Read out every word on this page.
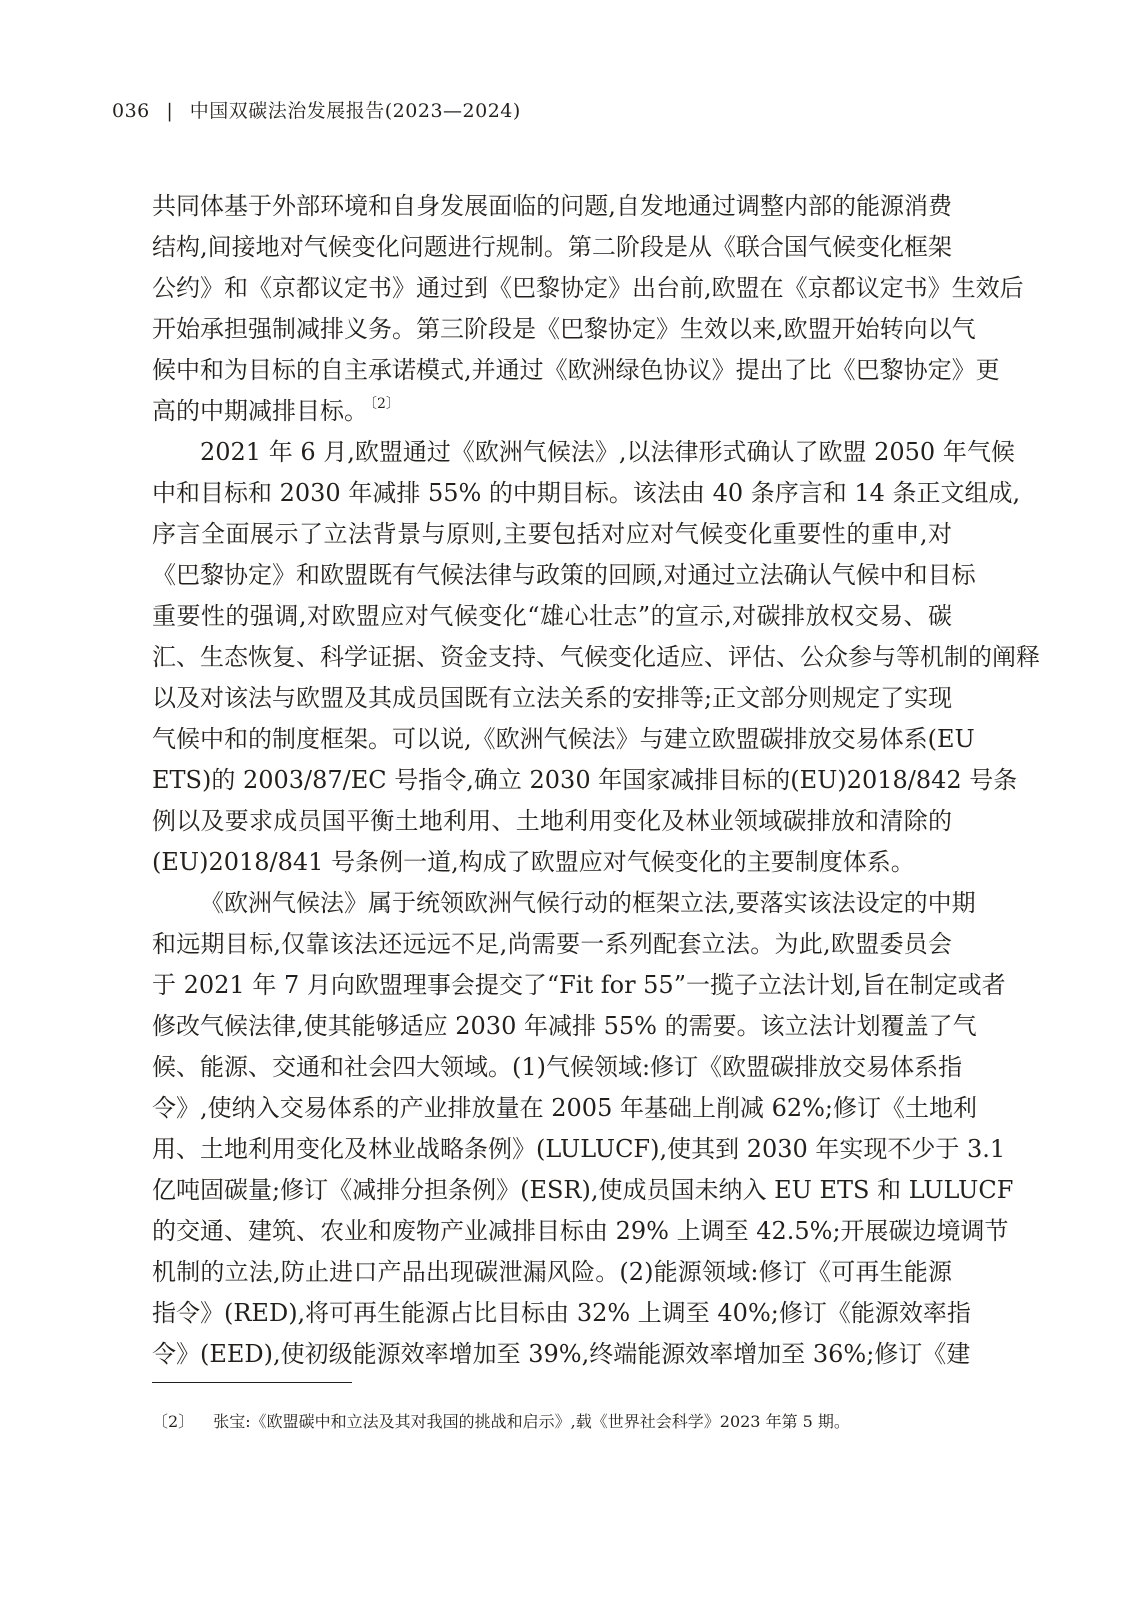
036 | 中国双碳法治发展报告(2023—2024)
共同体基于外部环境和自身发展面临的问题,自发地通过调整内部的能源消费
结构,间接地对气候变化问题进行规制。第二阶段是从《联合国气候变化框架
公约》和《京都议定书》通过到《巴黎协定》出台前,欧盟在《京都议定书》生效后
开始承担强制减排义务。第三阶段是《巴黎协定》生效以来,欧盟开始转向以气
候中和为目标的自主承诺模式,并通过《欧洲绿色协议》提出了比《巴黎协定》更
高的中期减排目标。 $^{〔2〕}$
2021 年 6 月,欧盟通过《欧洲气候法》,以法律形式确认了欧盟 2050 年气候
中和目标和 2030 年减排 55% 的中期目标。该法由 40 条序言和 14 条正文组成,
序言全面展示了立法背景与原则,主要包括对应对气候变化重要性的重申,对
《巴黎协定》和欧盟既有气候法律与政策的回顾,对通过立法确认气候中和目标
重要性的强调,对欧盟应对气候变化“雄心壮志”的宣示,对碳排放权交易、碳
汇、生态恢复、科学证据、资金支持、气候变化适应、评估、公众参与等机制的阐释
以及对该法与欧盟及其成员国既有立法关系的安排等;正文部分则规定了实现
气候中和的制度框架。可以说,《欧洲气候法》与建立欧盟碳排放交易体系(EU
ETS)的 2003/87/EC 号指令,确立 2030 年国家减排目标的(EU)2018/842 号条
例以及要求成员国平衡土地利用、土地利用变化及林业领域碳排放和清除的
(EU)2018/841 号条例一道,构成了欧盟应对气候变化的主要制度体系。
《欧洲气候法》属于统领欧洲气候行动的框架立法,要落实该法设定的中期
和远期目标,仅靠该法还远远不足,尚需要一系列配套立法。为此,欧盟委员会
于 2021 年 7 月向欧盟理事会提交了“Fit for 55”一揽子立法计划,旨在制定或者
修改气候法律,使其能够适应 2030 年减排 55% 的需要。该立法计划覆盖了气
候、能源、交通和社会四大领域。(1)气候领域:修订《欧盟碳排放交易体系指
令》,使纳入交易体系的产业排放量在 2005 年基础上削减 62%;修订《土地利
用、土地利用变化及林业战略条例》(LULUCF),使其到 2030 年实现不少于 3.1
亿吨固碳量;修订《减排分担条例》(ESR),使成员国未纳入 EU ETS 和 LULUCF
的交通、建筑、农业和废物产业减排目标由 29% 上调至 42.5%;开展碳边境调节
机制的立法,防止进口产品出现碳泄漏风险。(2)能源领域:修订《可再生能源
指令》(RED),将可再生能源占比目标由 32% 上调至 40%;修订《能源效率指
令》(EED),使初级能源效率增加至 39%,终端能源效率增加至 36%;修订《建
〔2〕 张宝:《欧盟碳中和立法及其对我国的挑战和启示》,载《世界社会科学》2023 年第 5 期。
